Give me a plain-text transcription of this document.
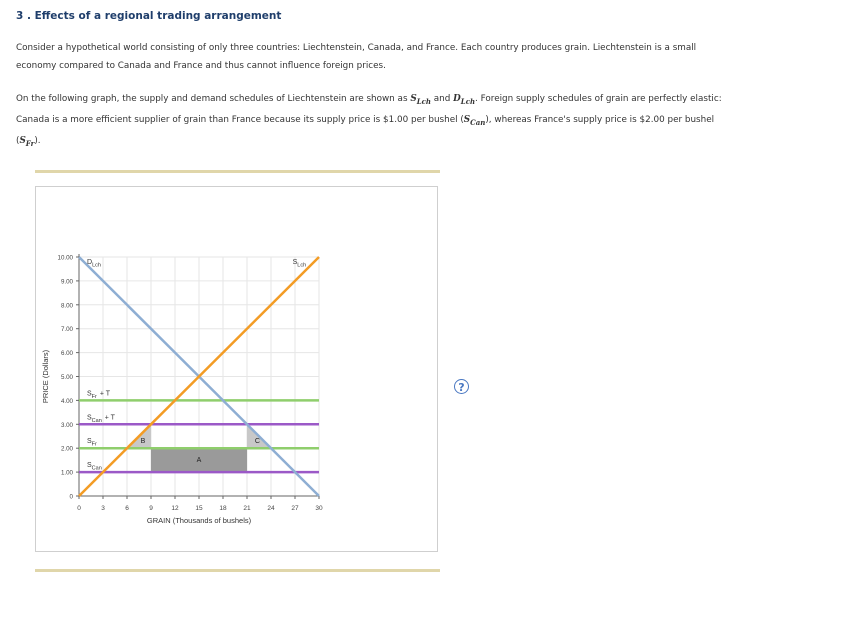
3 . Effects of a regional trading arrangement
Consider a hypothetical world consisting of only three countries: Liechtenstein, Canada, and France. Each country produces grain. Liechtenstein is a small economy compared to Canada and France and thus cannot influence foreign prices.
On the following graph, the supply and demand schedules of Liechtenstein are shown as $S_{Lch}$ and $D_{Lch}$. Foreign supply schedules of grain are perfectly elastic: Canada is a more efficient supplier of grain than France because its supply price is $1.00 per bushel $(S_{Can})$, whereas France's supply price is $2.00 per bushel $(S_{Fr})$.
?
0	3	6	9	12	15	18	21	24	27	30
0
1.00
2.00
3.00
4.00
5.00
6.00
7.00
8.00
9.00
10.00
$D_{Lch}$	$S_{Lch}$
$S_{Fr} + T$
$S_{Can} + T$
$S_{Fr}$
$S_{Can}$
A
B	C
GRAIN (Thousands of bushels)
PRICE (Dollars)
